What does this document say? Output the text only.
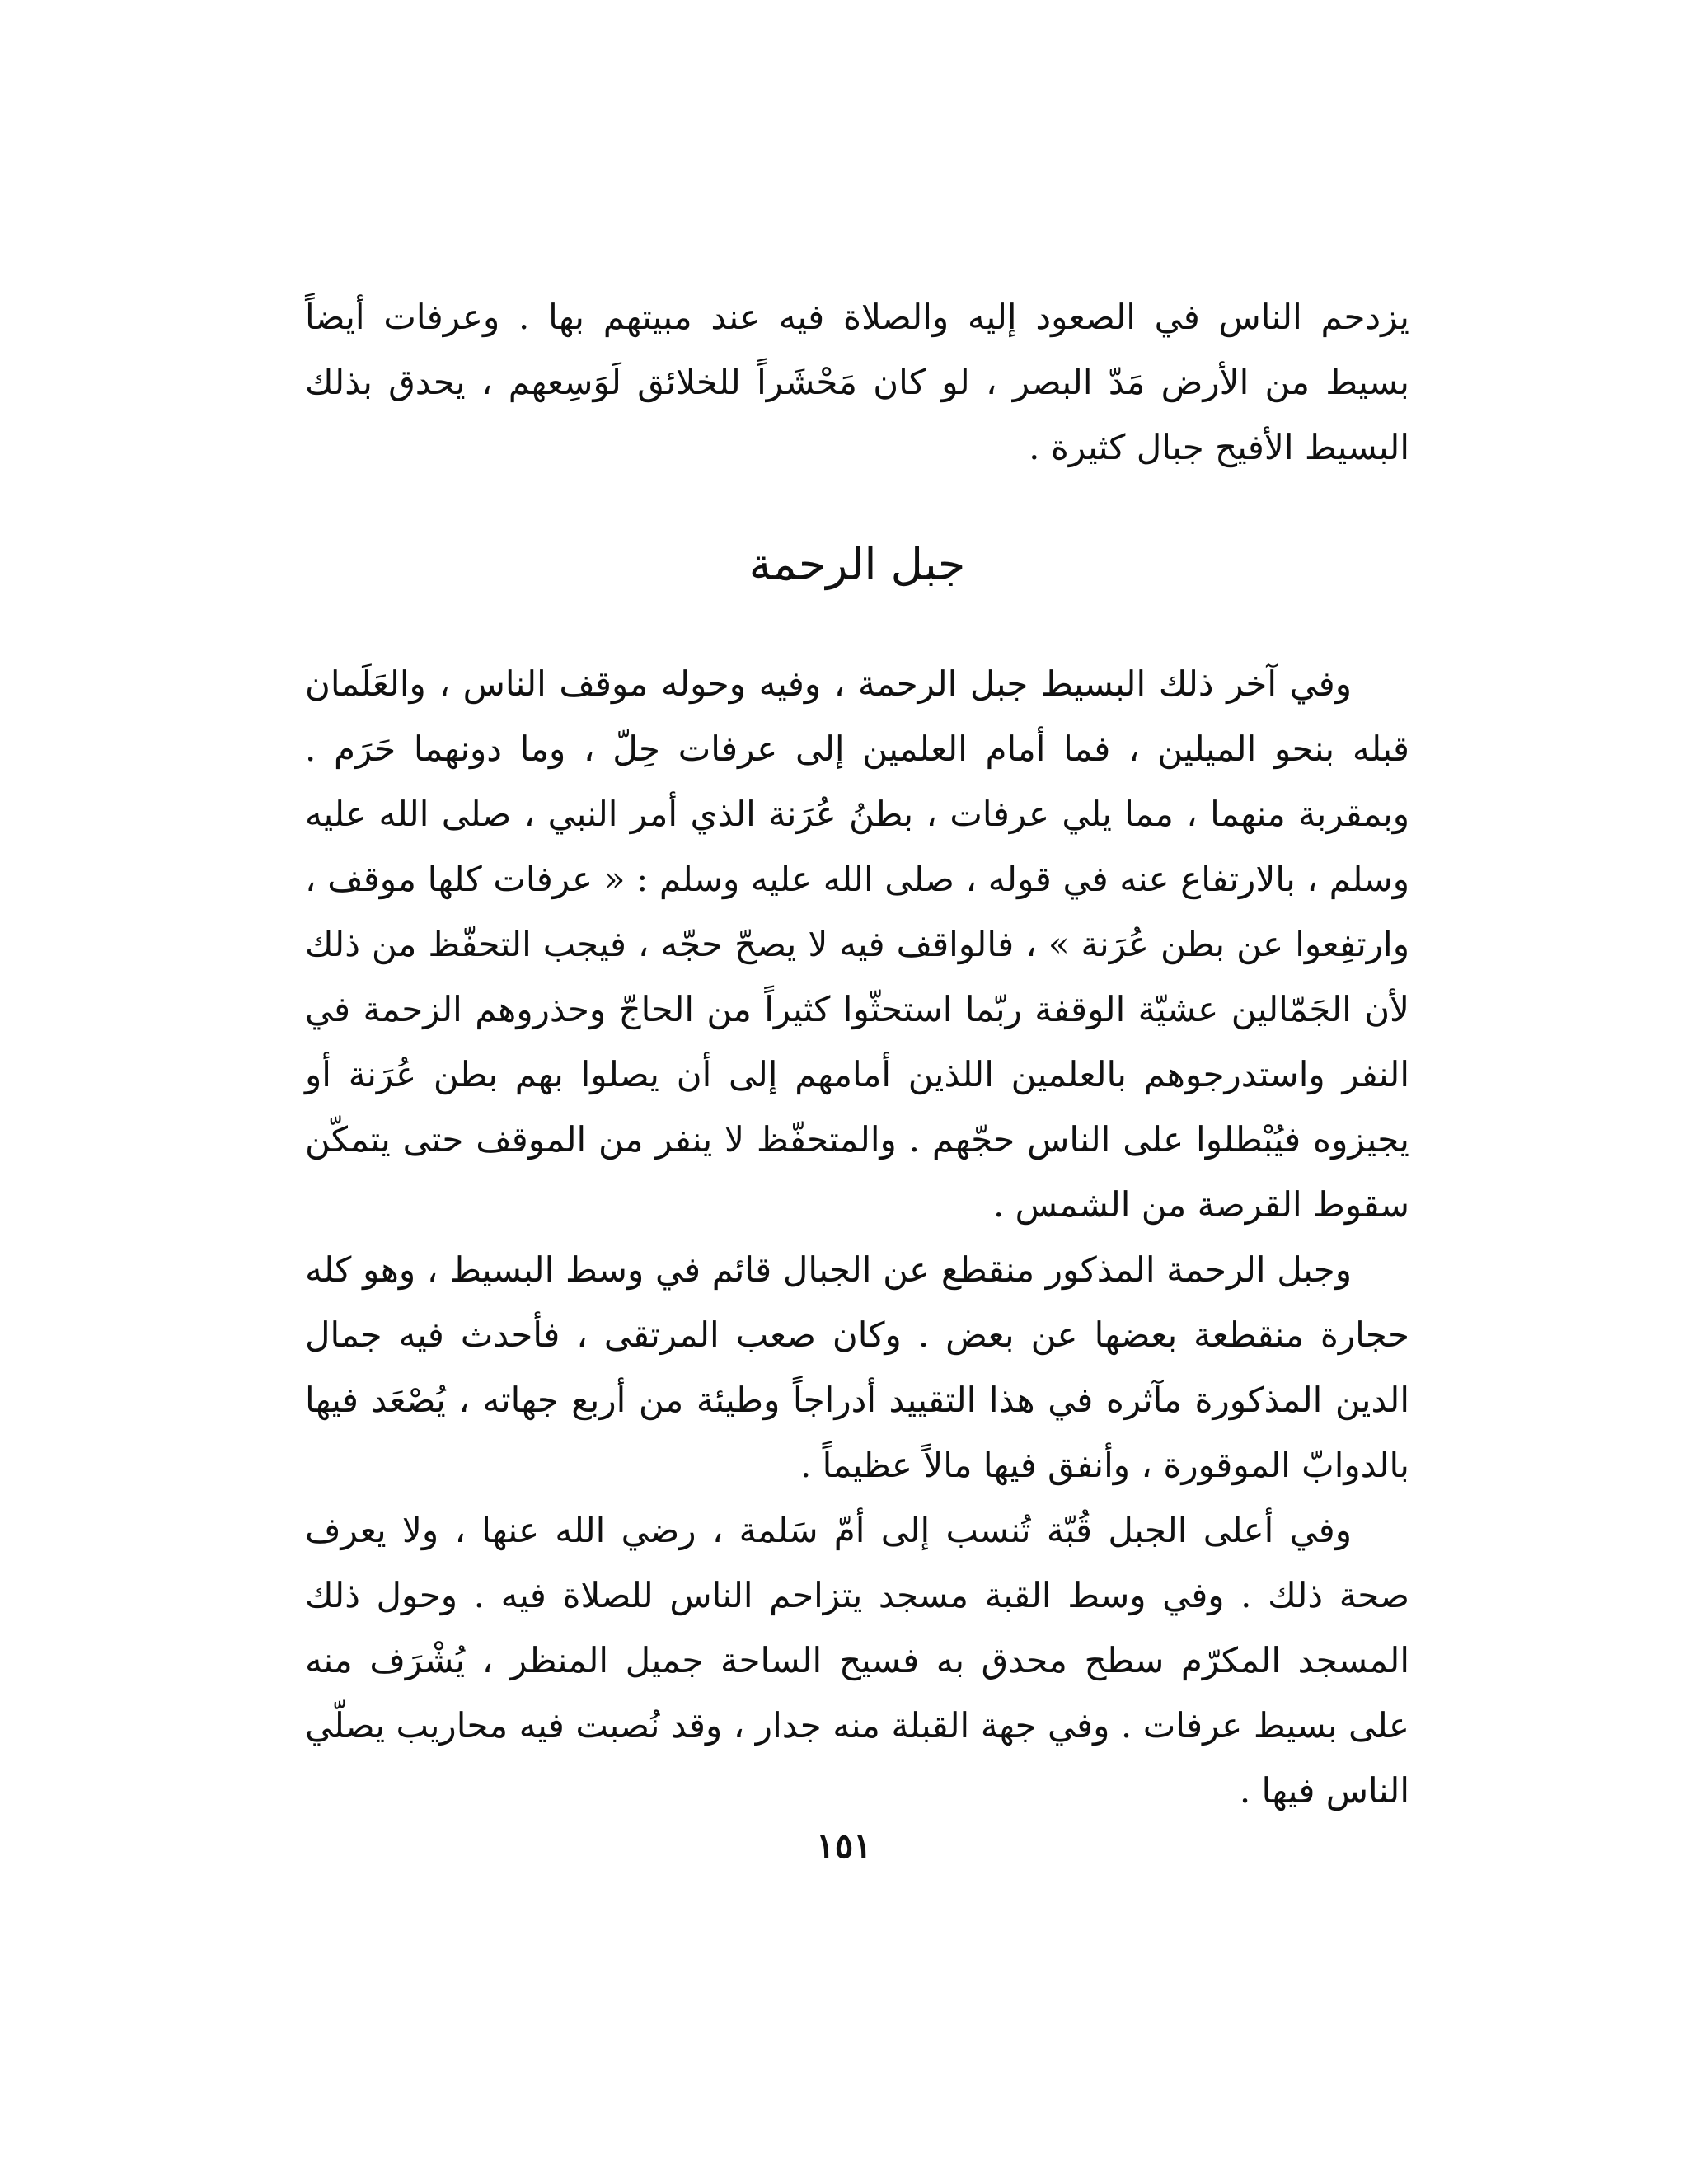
يزدحم الناس في الصعود إليه والصلاة فيه عند مبيتهم بها . وعرفات أيضاً بسيط من الأرض مَدّ البصر ، لو كان مَحْشَراً للخلائق لَوَسِعهم ، يحدق بذلك البسيط الأفيح جبال كثيرة .
جبل الرحمة

وفي آخر ذلك البسيط جبل الرحمة ، وفيه وحوله موقف الناس ، والعَلَمان قبله بنحو الميلين ، فما أمام العلمين إلى عرفات حِلّ ، وما دونهما حَرَم . وبمقربة منهما ، مما يلي عرفات ، بطنُ عُرَنة الذي أمر النبي ، صلى الله عليه وسلم ، بالارتفاع عنه في قوله ، صلى الله عليه وسلم : « عرفات كلها موقف ، وارتفِعوا عن بطن عُرَنة » ، فالواقف فيه لا يصحّ حجّه ، فيجب التحفّظ من ذلك لأن الجَمّالين عشيّة الوقفة ربّما استحثّوا كثيراً من الحاجّ وحذروهم الزحمة في النفر واستدرجوهم بالعلمين اللذين أمامهم إلى أن يصلوا بهم بطن عُرَنة أو يجيزوه فيُبْطلوا على الناس حجّهم . والمتحفّظ لا ينفر من الموقف حتى يتمكّن سقوط القرصة من الشمس .

وجبل الرحمة المذكور منقطع عن الجبال قائم في وسط البسيط ، وهو كله حجارة منقطعة بعضها عن بعض . وكان صعب المرتقى ، فأحدث فيه جمال الدين المذكورة مآثره في هذا التقييد أدراجاً وطيئة من أربع جهاته ، يُصْعَد فيها بالدوابّ الموقورة ، وأنفق فيها مالاً عظيماً .

وفي أعلى الجبل قُبّة تُنسب إلى أمّ سَلمة ، رضي الله عنها ، ولا يعرف صحة ذلك . وفي وسط القبة مسجد يتزاحم الناس للصلاة فيه . وحول ذلك المسجد المكرّم سطح محدق به فسيح الساحة جميل المنظر ، يُشْرَف منه على بسيط عرفات . وفي جهة القبلة منه جدار ، وقد نُصبت فيه محاريب يصلّي الناس فيها .

١٥١
